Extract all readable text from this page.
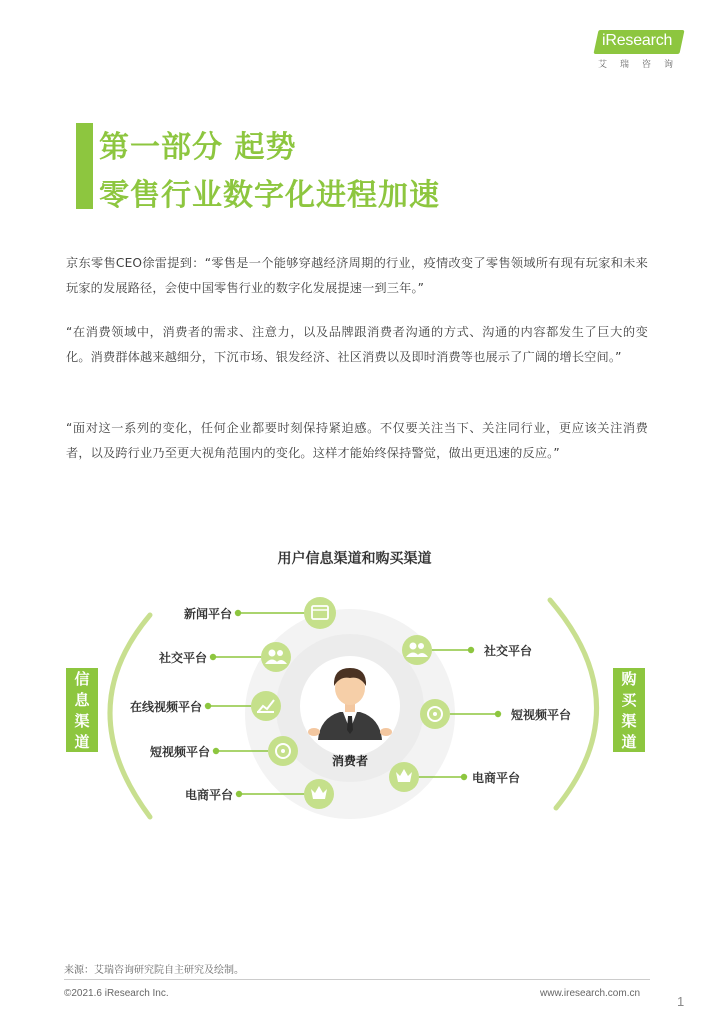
iResearch
艾瑞咨询
第一部分 起势
零售行业数字化进程加速
京东零售CEO徐雷提到：“零售是一个能够穿越经济周期的行业，疫情改变了零售领域所有现有玩家和未来玩家的发展路径，会使中国零售行业的数字化发展提速一到三年。”
“在消费领域中，消费者的需求、注意力，以及品牌跟消费者沟通的方式、沟通的内容都发生了巨大的变化。消费群体越来越细分，下沉市场、银发经济、社区消费以及即时消费等也展示了广阔的增长空间。”
“面对这一系列的变化，任何企业都要时刻保持紧迫感。不仅要关注当下、关注同行业，更应该关注消费者，以及跨行业乃至更大视角范围内的变化。这样才能始终保持警觉，做出更迅速的反应。”
用户信息渠道和购买渠道
信息渠道
购买渠道
新闻平台
社交平台
在线视频平台
短视频平台
电商平台
社交平台
短视频平台
电商平台
消费者
来源：艾瑞咨询研究院自主研究及绘制。
©2021.6 iResearch Inc.	www.iresearch.com.cn
1
